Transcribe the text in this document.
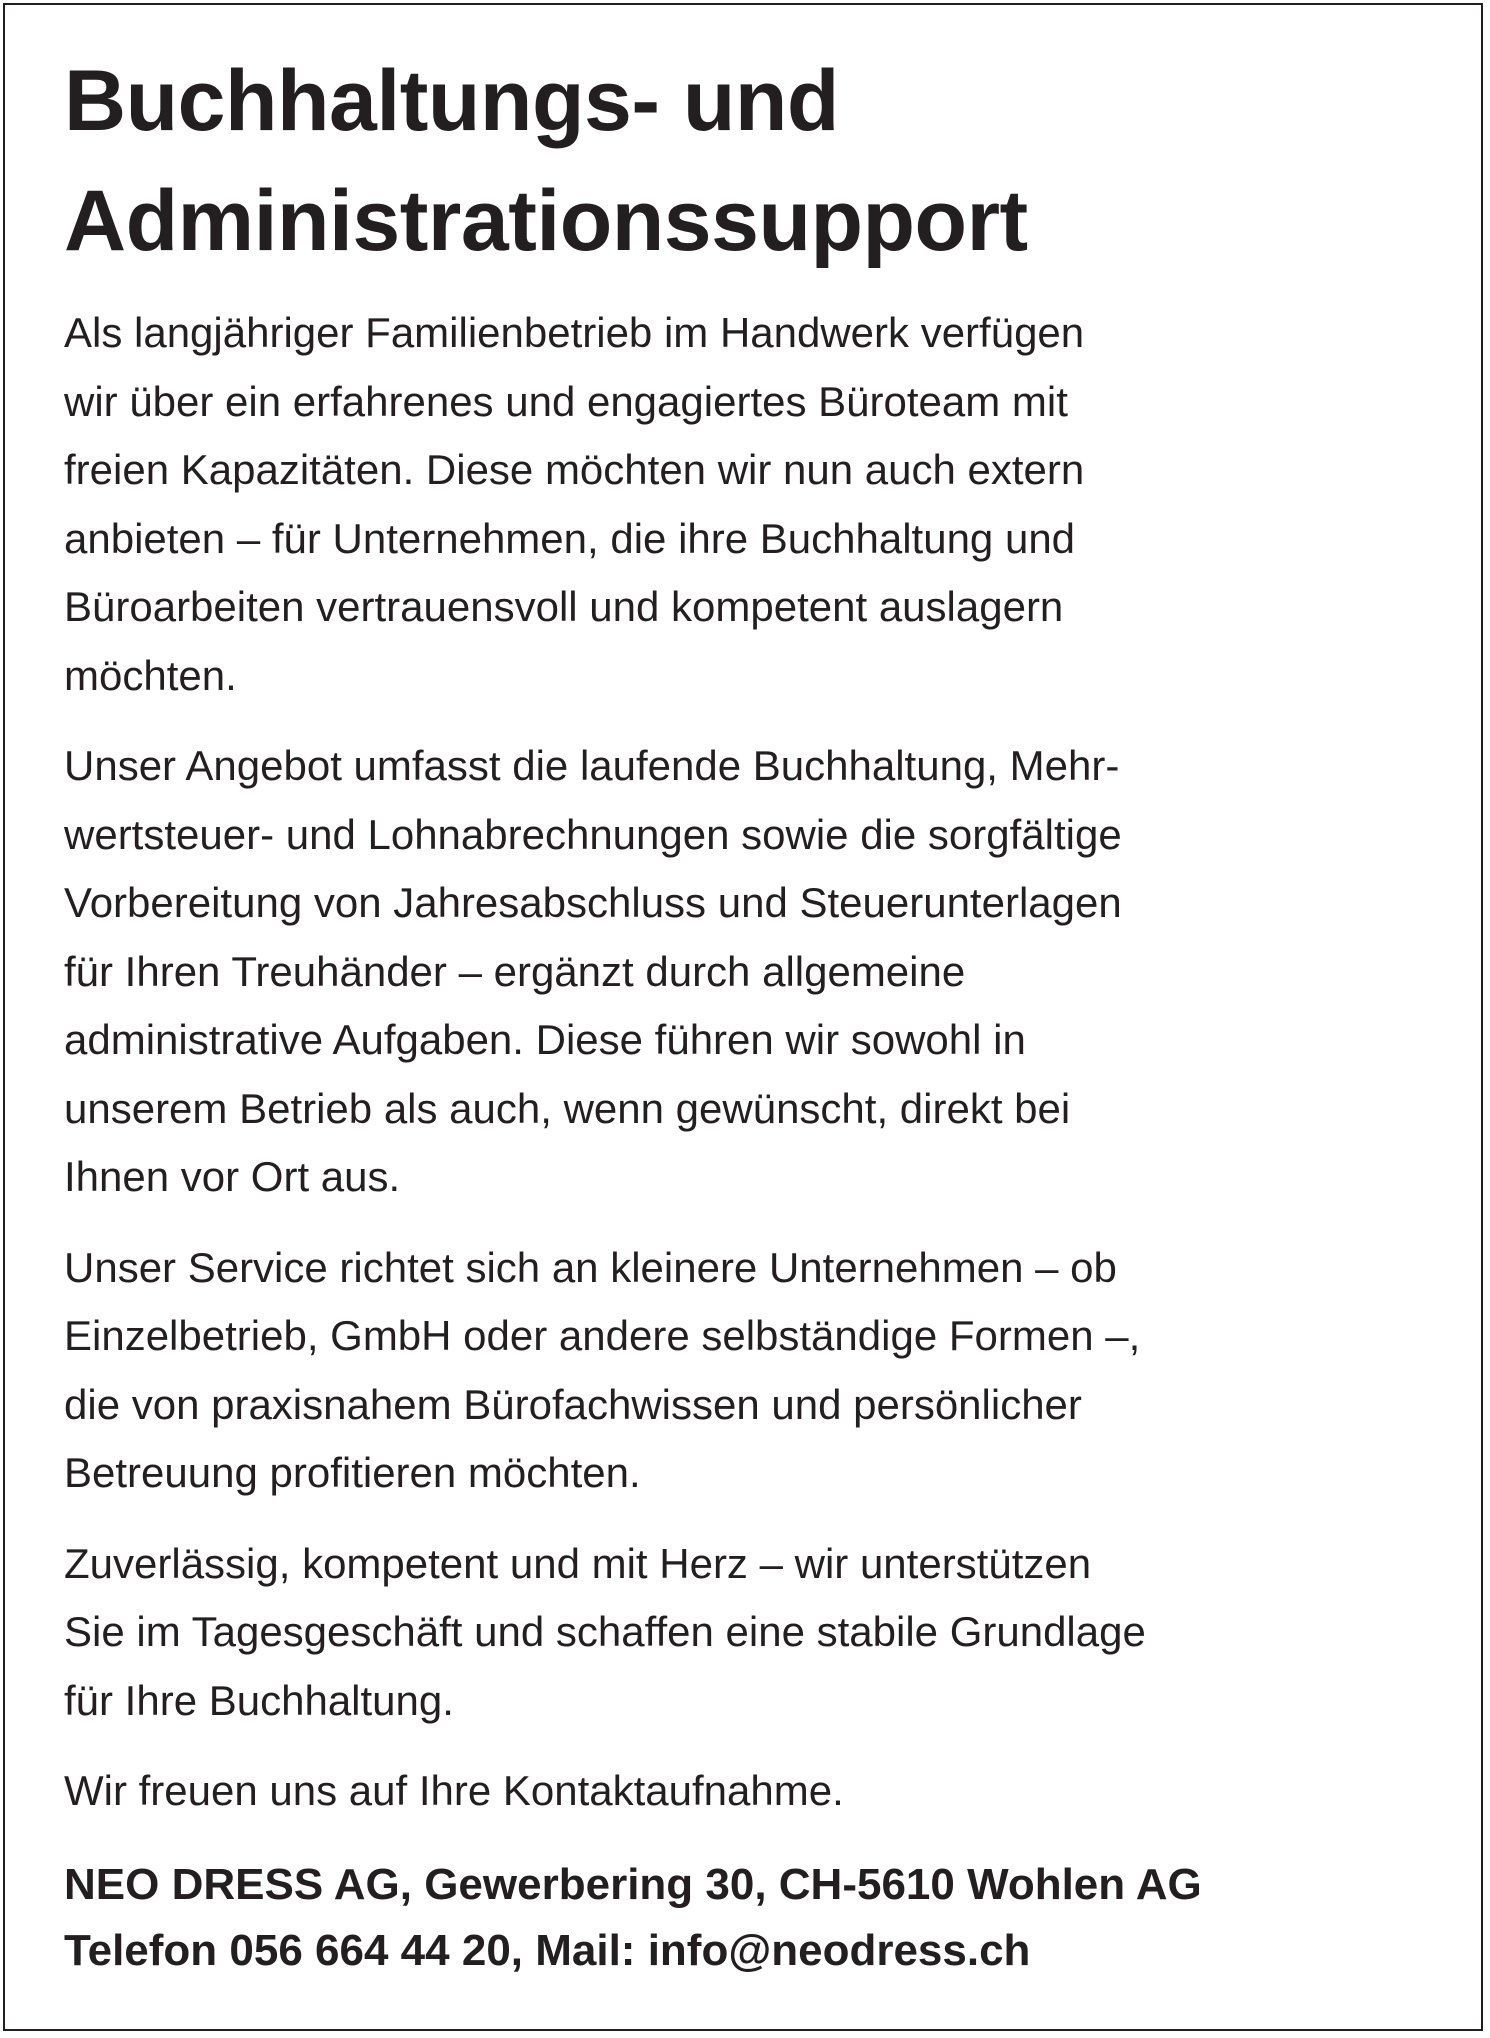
Buchhaltungs- und
Administrationssupport

Als langjähriger Familienbetrieb im Handwerk verfügen
wir über ein erfahrenes und engagiertes Büroteam mit
freien Kapazitäten. Diese möchten wir nun auch extern
anbieten – für Unternehmen, die ihre Buchhaltung und
Büroarbeiten vertrauensvoll und kompetent auslagern
möchten.

Unser Angebot umfasst die laufende Buchhaltung, Mehr-
wertsteuer- und Lohnabrechnungen sowie die sorgfältige
Vorbereitung von Jahresabschluss und Steuerunterlagen
für Ihren Treuhänder – ergänzt durch allgemeine
administrative Aufgaben. Diese führen wir sowohl in
unserem Betrieb als auch, wenn gewünscht, direkt bei
Ihnen vor Ort aus.

Unser Service richtet sich an kleinere Unternehmen – ob
Einzelbetrieb, GmbH oder andere selbständige Formen –,
die von praxisnahem Bürofachwissen und persönlicher
Betreuung profitieren möchten.

Zuverlässig, kompetent und mit Herz – wir unterstützen
Sie im Tagesgeschäft und schaffen eine stabile Grundlage
für Ihre Buchhaltung.

Wir freuen uns auf Ihre Kontaktaufnahme.

NEO DRESS AG, Gewerbering 30, CH-5610 Wohlen AG
Telefon 056 664 44 20, Mail: info@neodress.ch
